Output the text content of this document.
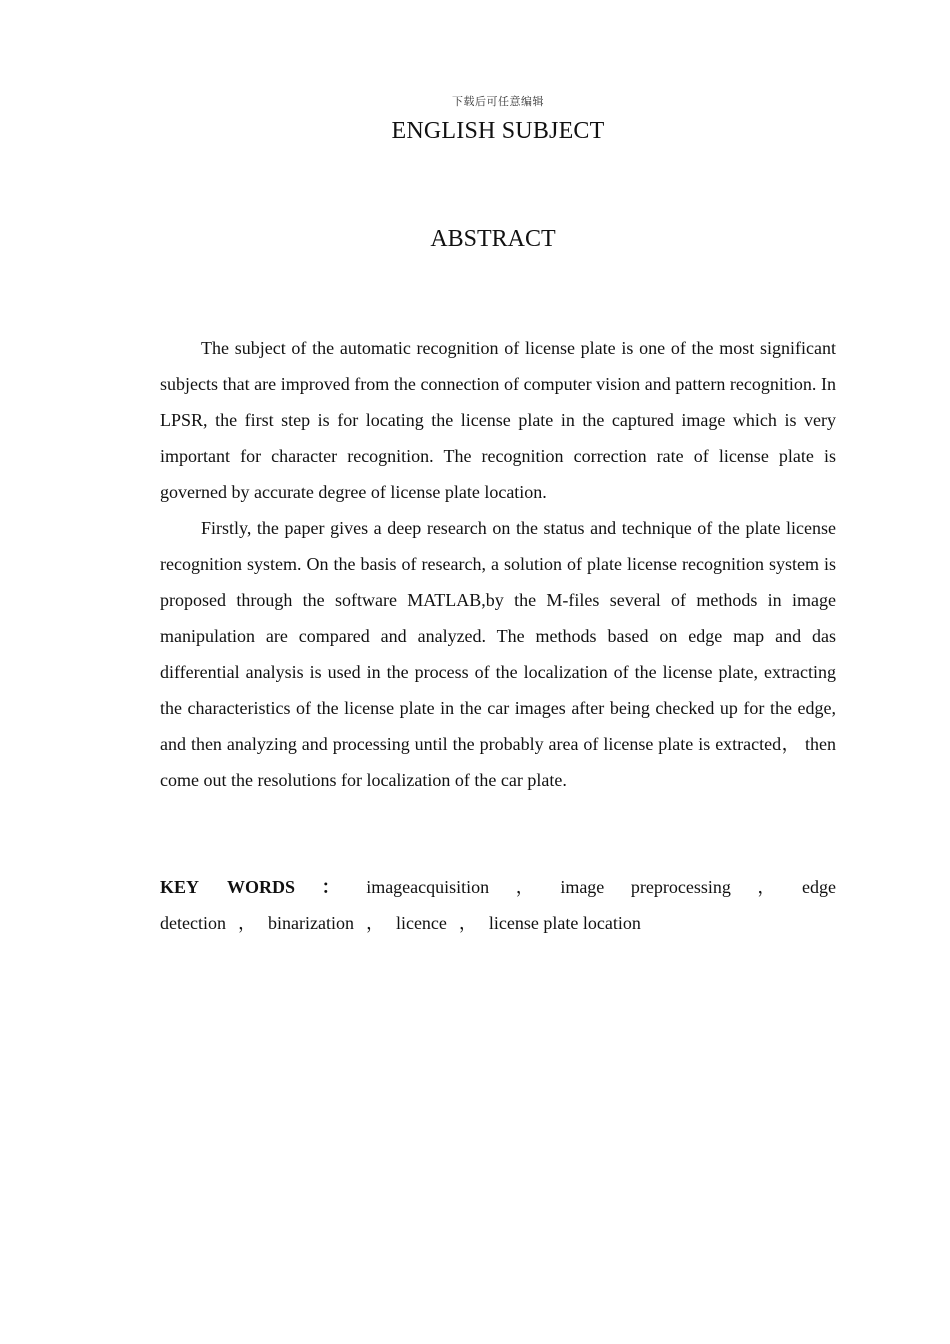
下载后可任意编辑
ENGLISH SUBJECT
ABSTRACT

The subject of the automatic recognition of license plate is one of the most significant subjects that are improved from the connection of computer vision and pattern recognition. In LPSR, the first step is for locating the license plate in the captured image which is very important for character recognition. The recognition correction rate of license plate is governed by accurate degree of license plate location.

Firstly, the paper gives a deep research on the status and technique of the plate license recognition system. On the basis of research, a solution of plate license recognition system is proposed through the software MATLAB,by the M-files several of methods in image manipulation are compared and analyzed. The methods based on edge map and das differential analysis is used in the process of the localization of the license plate, extracting the characteristics of the license plate in the car images after being checked up for the edge, and then analyzing and processing until the probably area of license plate is extracted， then come out the resolutions for localization of the car plate.

KEY WORDS ： imageacquisition ， image preprocessing ， edge
detection ， binarization ， licence ， license plate location
